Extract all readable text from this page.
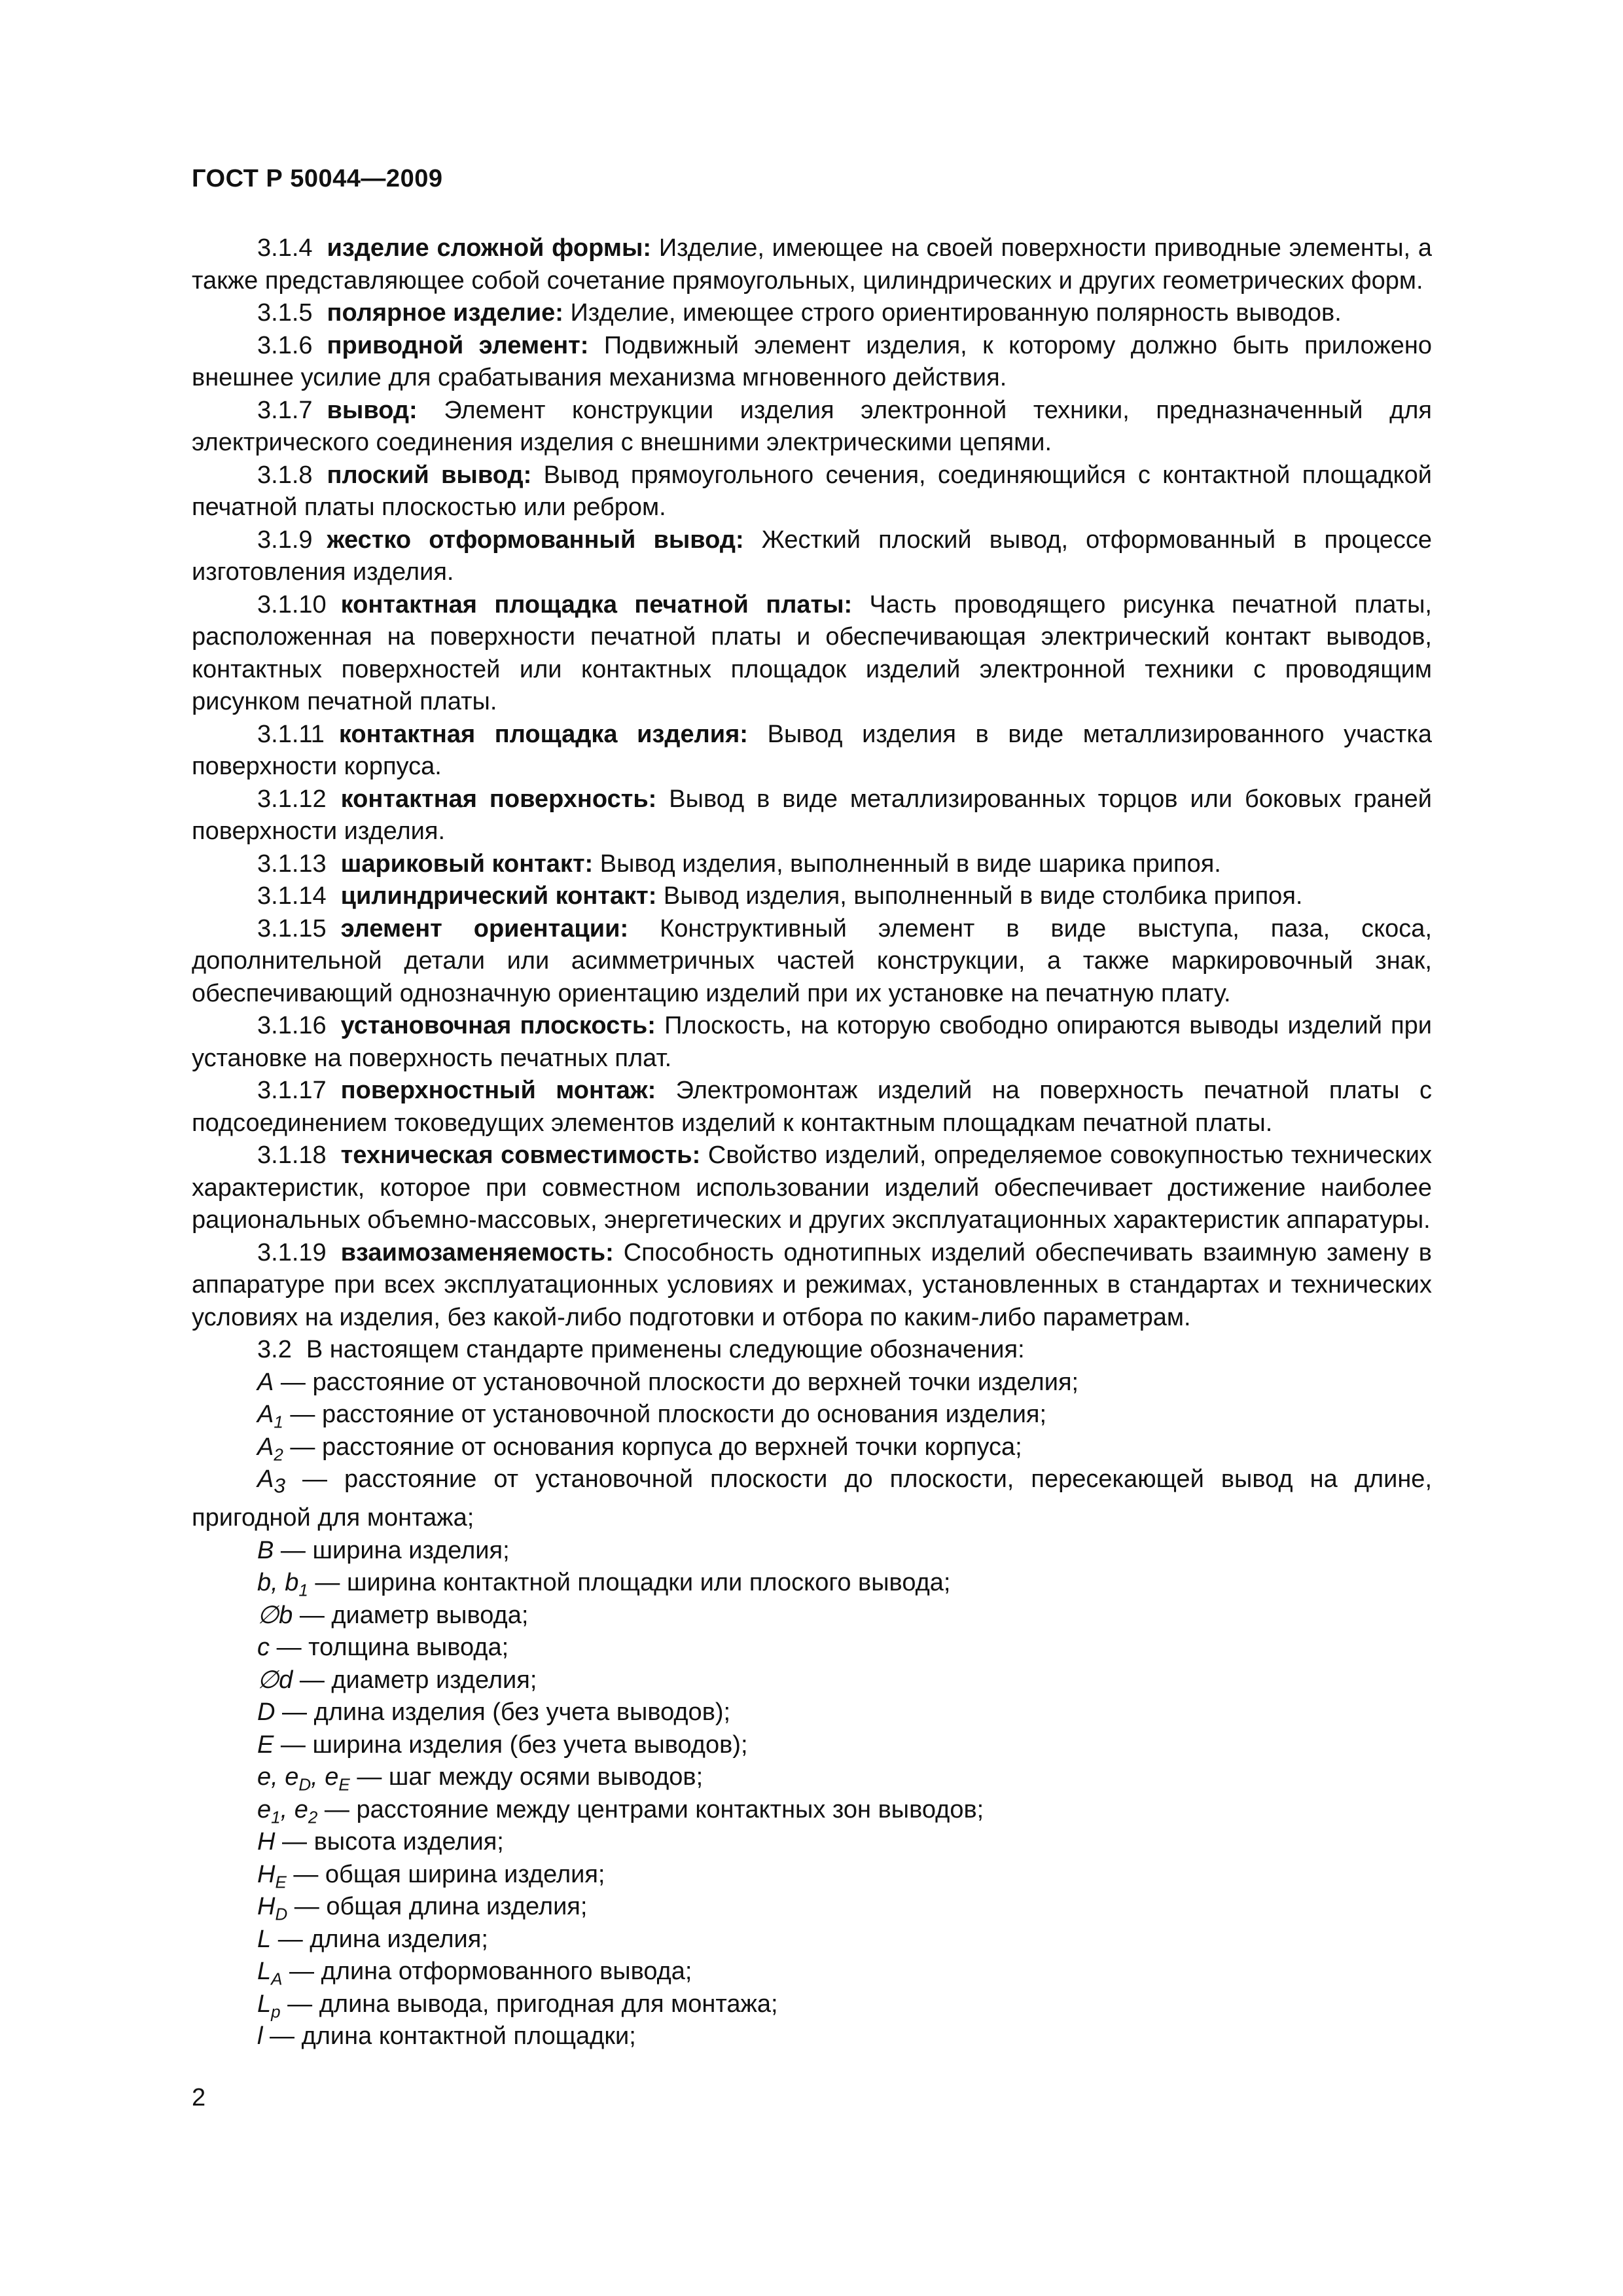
ГОСТ Р 50044—2009

3.1.4 изделие сложной формы: Изделие, имеющее на своей поверхности приводные элементы, а также представляющее собой сочетание прямоугольных, цилиндрических и других геометрических форм.

3.1.5 полярное изделие: Изделие, имеющее строго ориентированную полярность выводов.

3.1.6 приводной элемент: Подвижный элемент изделия, к которому должно быть приложено внешнее усилие для срабатывания механизма мгновенного действия.

3.1.7 вывод: Элемент конструкции изделия электронной техники, предназначенный для электрического соединения изделия с внешними электрическими цепями.

3.1.8 плоский вывод: Вывод прямоугольного сечения, соединяющийся с контактной площадкой печатной платы плоскостью или ребром.

3.1.9 жестко отформованный вывод: Жесткий плоский вывод, отформованный в процессе изготовления изделия.

3.1.10 контактная площадка печатной платы: Часть проводящего рисунка печатной платы, расположенная на поверхности печатной платы и обеспечивающая электрический контакт выводов, контактных поверхностей или контактных площадок изделий электронной техники с проводящим рисунком печатной платы.

3.1.11 контактная площадка изделия: Вывод изделия в виде металлизированного участка поверхности корпуса.

3.1.12 контактная поверхность: Вывод в виде металлизированных торцов или боковых граней поверхности изделия.

3.1.13 шариковый контакт: Вывод изделия, выполненный в виде шарика припоя.

3.1.14 цилиндрический контакт: Вывод изделия, выполненный в виде столбика припоя.

3.1.15 элемент ориентации: Конструктивный элемент в виде выступа, паза, скоса, дополнительной детали или асимметричных частей конструкции, а также маркировочный знак, обеспечивающий однозначную ориентацию изделий при их установке на печатную плату.

3.1.16 установочная плоскость: Плоскость, на которую свободно опираются выводы изделий при установке на поверхность печатных плат.

3.1.17 поверхностный монтаж: Электромонтаж изделий на поверхность печатной платы с подсоединением токоведущих элементов изделий к контактным площадкам печатной платы.

3.1.18 техническая совместимость: Свойство изделий, определяемое совокупностью технических характеристик, которое при совместном использовании изделий обеспечивает достижение наиболее рациональных объемно-массовых, энергетических и других эксплуатационных характеристик аппаратуры.

3.1.19 взаимозаменяемость: Способность однотипных изделий обеспечивать взаимную замену в аппаратуре при всех эксплуатационных условиях и режимах, установленных в стандартах и технических условиях на изделия, без какой-либо подготовки и отбора по каким-либо параметрам.

3.2 В настоящем стандарте применены следующие обозначения:

A — расстояние от установочной плоскости до верхней точки изделия;

$A_1$ — расстояние от установочной плоскости до основания изделия;

$A_2$ — расстояние от основания корпуса до верхней точки корпуса;

$A_3$ — расстояние от установочной плоскости до плоскости, пересекающей вывод на длине, пригодной для монтажа;

B — ширина изделия;

b, $b_1$ — ширина контактной площадки или плоского вывода;

∅b — диаметр вывода;

c — толщина вывода;

∅d — диаметр изделия;

D — длина изделия (без учета выводов);

E — ширина изделия (без учета выводов);

e, $e_D$, $e_E$ — шаг между осями выводов;

$e_1$, $e_2$ — расстояние между центрами контактных зон выводов;

H — высота изделия;

$H_E$ — общая ширина изделия;

$H_D$ — общая длина изделия;

L — длина изделия;

$L_A$ — длина отформованного вывода;

$L_p$ — длина вывода, пригодная для монтажа;

l — длина контактной площадки;

2
